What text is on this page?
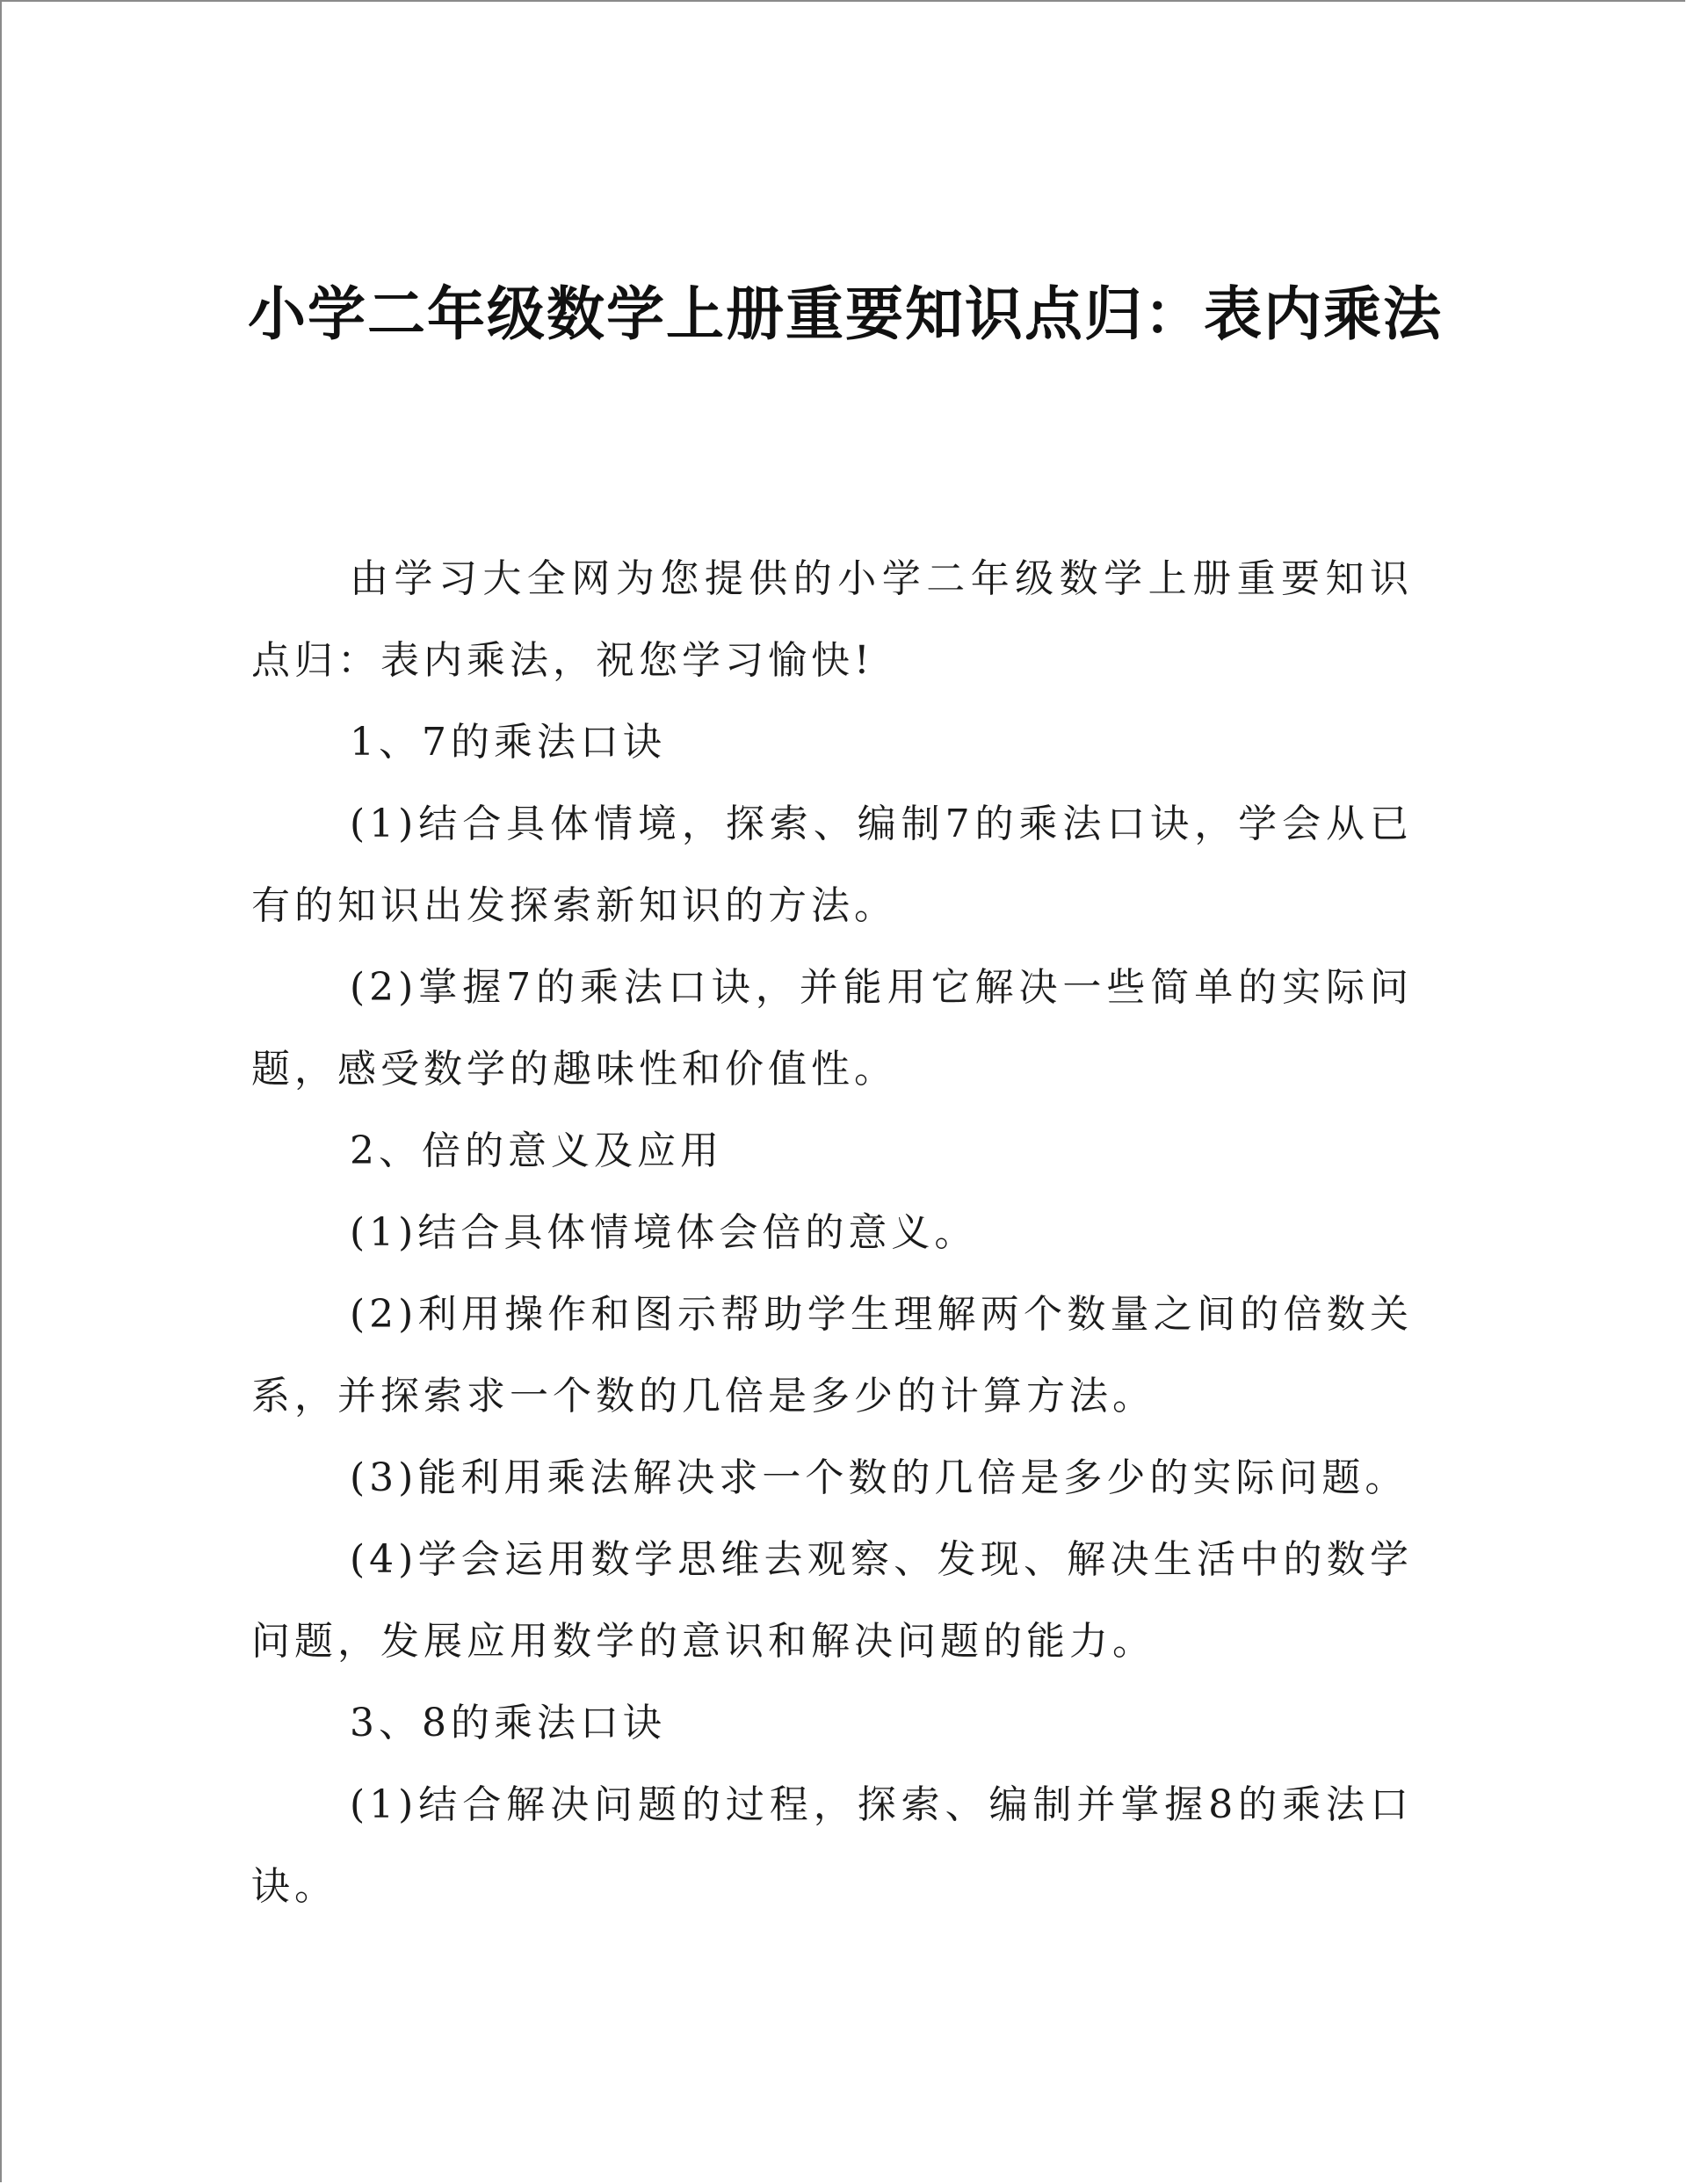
小学二年级数学上册重要知识点归：表内乘法

由学习大全网为您提供的小学二年级数学上册重要知识点归：表内乘法，祝您学习愉快!

1、7的乘法口诀

(1)结合具体情境，探索、编制7的乘法口诀，学会从已有的知识出发探索新知识的方法。

(2)掌握7的乘法口诀，并能用它解决一些简单的实际问题，感受数学的趣味性和价值性。

2、倍的意义及应用

(1)结合具体情境体会倍的意义。

(2)利用操作和图示帮助学生理解两个数量之间的倍数关系，并探索求一个数的几倍是多少的计算方法。

(3)能利用乘法解决求一个数的几倍是多少的实际问题。

(4)学会运用数学思维去观察、发现、解决生活中的数学问题，发展应用数学的意识和解决问题的能力。

3、8的乘法口诀

(1)结合解决问题的过程，探索、编制并掌握8的乘法口诀。
